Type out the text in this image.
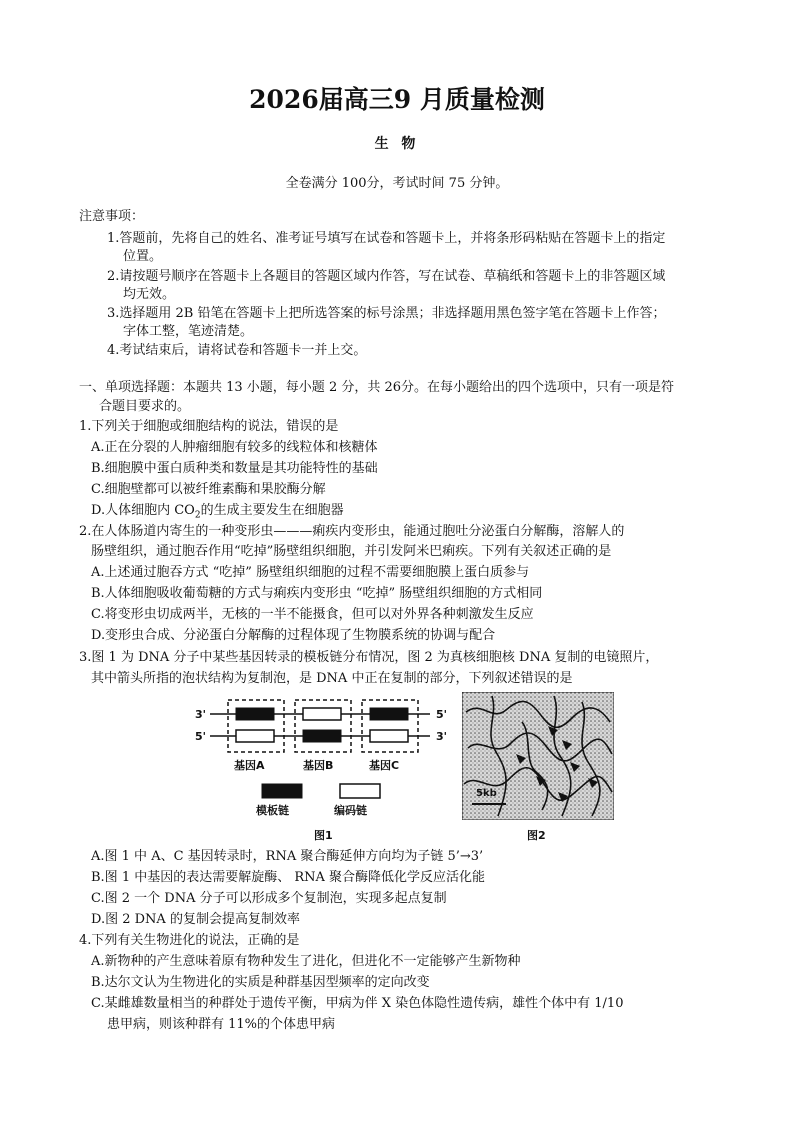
2026届高三9 月质量检测
生 物
全卷满分 100分，考试时间 75 分钟。
注意事项：
1.答题前，先将自己的姓名、准考证号填写在试卷和答题卡上，并将条形码粘贴在答题卡上的指定
位置。
2.请按题号顺序在答题卡上各题目的答题区域内作答，写在试卷、草稿纸和答题卡上的非答题区域
均无效。
3.选择题用 2B 铅笔在答题卡上把所选答案的标号涂黑；非选择题用黑色签字笔在答题卡上作答；
字体工整，笔迹清楚。
4.考试结束后，请将试卷和答题卡一并上交。
一、单项选择题：本题共 13 小题，每小题 2 分，共 26分。在每小题给出的四个选项中，只有一项是符
合题目要求的。
1.下列关于细胞或细胞结构的说法，错误的是
A.正在分裂的人肿瘤细胞有较多的线粒体和核糖体
B.细胞膜中蛋白质种类和数量是其功能特性的基础
C.细胞壁都可以被纤维素酶和果胶酶分解
D.人体细胞内 $CO_2$的生成主要发生在细胞器
2.在人体肠道内寄生的一种变形虫———痢疾内变形虫，能通过胞吐分泌蛋白分解酶，溶解人的
肠壁组织，通过胞吞作用“吃掉”肠壁组织细胞，并引发阿米巴痢疾。下列有关叙述正确的是
A.上述通过胞吞方式 “吃掉” 肠壁组织细胞的过程不需要细胞膜上蛋白质参与
B.人体细胞吸收葡萄糖的方式与痢疾内变形虫 “吃掉” 肠壁组织细胞的方式相同
C.将变形虫切成两半，无核的一半不能摄食，但可以对外界各种刺激发生反应
D.变形虫合成、分泌蛋白分解酶的过程体现了生物膜系统的协调与配合
3.图 1 为 DNA 分子中某些基因转录的模板链分布情况，图 2 为真核细胞核 DNA 复制的电镜照片，
其中箭头所指的泡状结构为复制泡，是 DNA 中正在复制的部分，下列叙述错误的是
3'	5'
5'	3'
基因A	基因B	基因C
模板链	编码链
图1
5kb
图2
A.图 1 中 A、C 基因转录时，RNA 聚合酶延伸方向均为子链 5’→3’
B.图 1 中基因的表达需要解旋酶、 RNA 聚合酶降低化学反应活化能
C.图 2 一个 DNA 分子可以形成多个复制泡，实现多起点复制
D.图 2 DNA 的复制会提高复制效率
4.下列有关生物进化的说法，正确的是
A.新物种的产生意味着原有物种发生了进化，但进化不一定能够产生新物种
B.达尔文认为生物进化的实质是种群基因型频率的定向改变
C.某雌雄数量相当的种群处于遗传平衡，甲病为伴 X 染色体隐性遗传病，雄性个体中有 1/10
患甲病，则该种群有 11%的个体患甲病
